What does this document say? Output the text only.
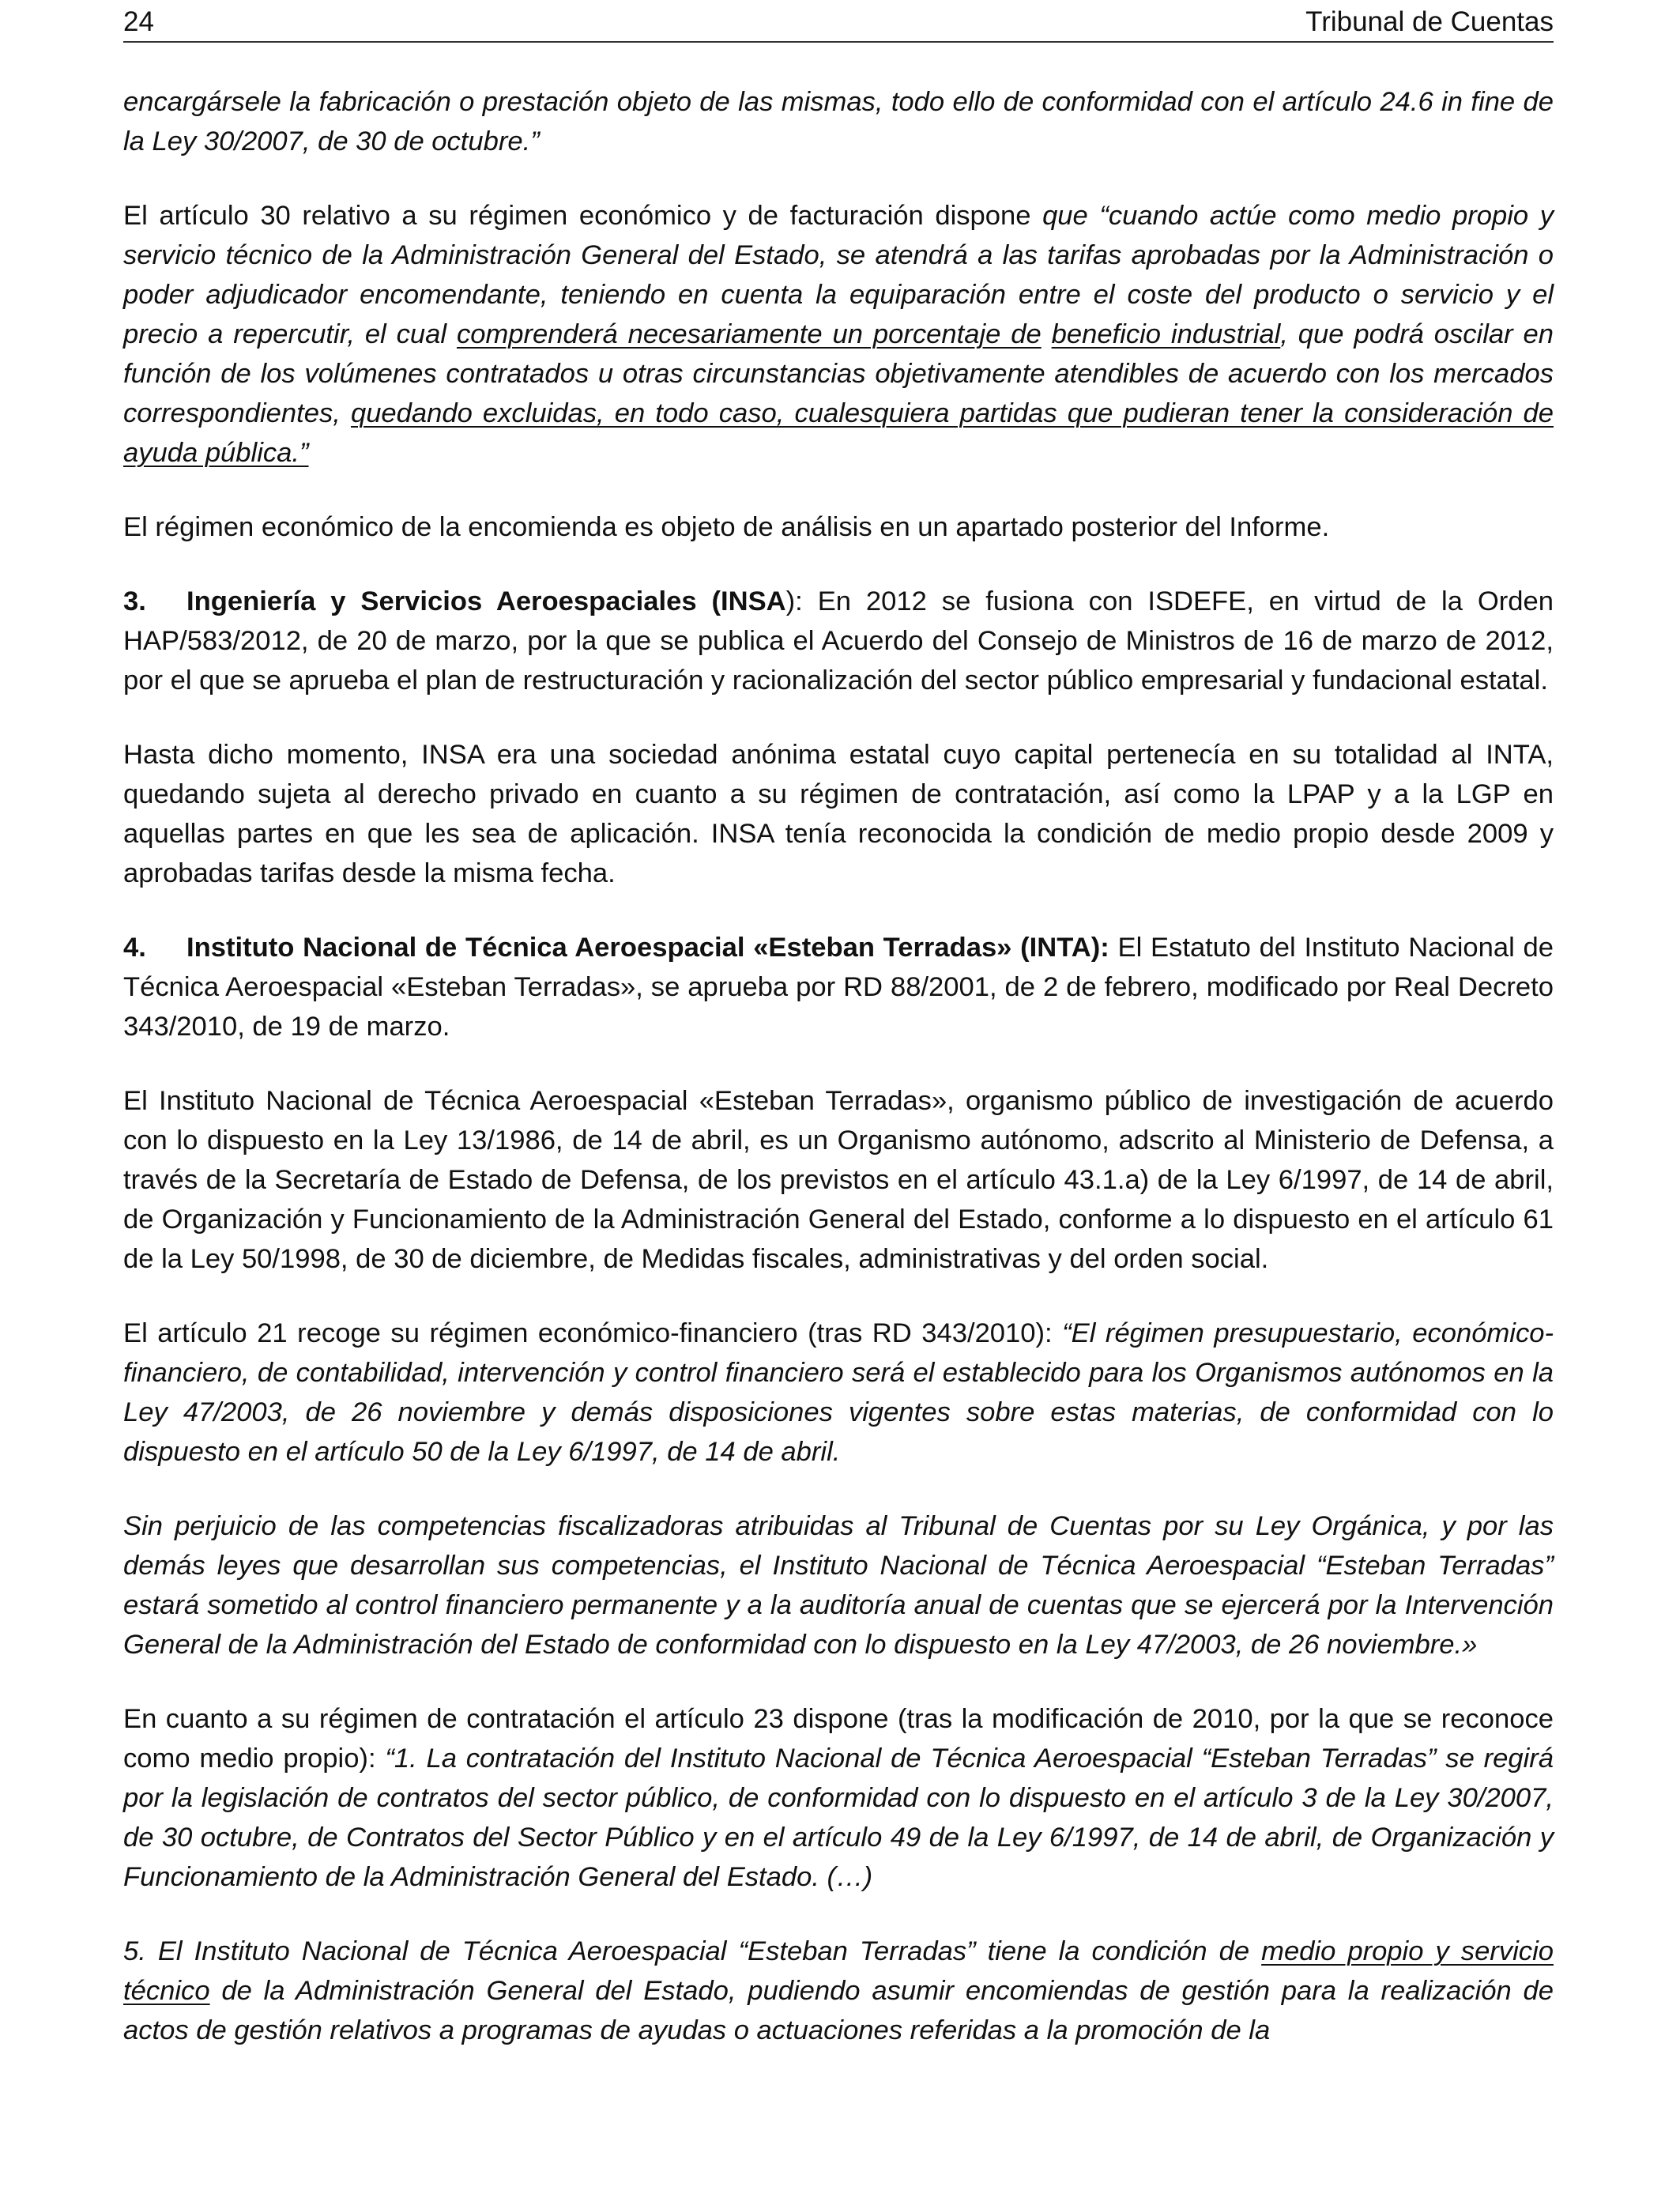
24	Tribunal de Cuentas

encargársele la fabricación o prestación objeto de las mismas, todo ello de conformidad con el artículo 24.6 in fine de la Ley 30/2007, de 30 de octubre.”

El artículo 30 relativo a su régimen económico y de facturación dispone que “cuando actúe como medio propio y servicio técnico de la Administración General del Estado, se atendrá a las tarifas aprobadas por la Administración o poder adjudicador encomendante, teniendo en cuenta la equiparación entre el coste del producto o servicio y el precio a repercutir, el cual comprenderá necesariamente un porcentaje de beneficio industrial, que podrá oscilar en función de los volúmenes contratados u otras circunstancias objetivamente atendibles de acuerdo con los mercados correspondientes, quedando excluidas, en todo caso, cualesquiera partidas que pudieran tener la consideración de ayuda pública.”

El régimen económico de la encomienda es objeto de análisis en un apartado posterior del Informe.

3. Ingeniería y Servicios Aeroespaciales (INSA): En 2012 se fusiona con ISDEFE, en virtud de la Orden HAP/583/2012, de 20 de marzo, por la que se publica el Acuerdo del Consejo de Ministros de 16 de marzo de 2012, por el que se aprueba el plan de restructuración y racionalización del sector público empresarial y fundacional estatal.

Hasta dicho momento, INSA era una sociedad anónima estatal cuyo capital pertenecía en su totalidad al INTA, quedando sujeta al derecho privado en cuanto a su régimen de contratación, así como la LPAP y a la LGP en aquellas partes en que les sea de aplicación. INSA tenía reconocida la condición de medio propio desde 2009 y aprobadas tarifas desde la misma fecha.

4. Instituto Nacional de Técnica Aeroespacial «Esteban Terradas» (INTA): El Estatuto del Instituto Nacional de Técnica Aeroespacial «Esteban Terradas», se aprueba por RD 88/2001, de 2 de febrero, modificado por Real Decreto 343/2010, de 19 de marzo.

El Instituto Nacional de Técnica Aeroespacial «Esteban Terradas», organismo público de investigación de acuerdo con lo dispuesto en la Ley 13/1986, de 14 de abril, es un Organismo autónomo, adscrito al Ministerio de Defensa, a través de la Secretaría de Estado de Defensa, de los previstos en el artículo 43.1.a) de la Ley 6/1997, de 14 de abril, de Organización y Funcionamiento de la Administración General del Estado, conforme a lo dispuesto en el artículo 61 de la Ley 50/1998, de 30 de diciembre, de Medidas fiscales, administrativas y del orden social.

El artículo 21 recoge su régimen económico-financiero (tras RD 343/2010): “El régimen presupuestario, económico-financiero, de contabilidad, intervención y control financiero será el establecido para los Organismos autónomos en la Ley 47/2003, de 26 noviembre y demás disposiciones vigentes sobre estas materias, de conformidad con lo dispuesto en el artículo 50 de la Ley 6/1997, de 14 de abril.

Sin perjuicio de las competencias fiscalizadoras atribuidas al Tribunal de Cuentas por su Ley Orgánica, y por las demás leyes que desarrollan sus competencias, el Instituto Nacional de Técnica Aeroespacial “Esteban Terradas” estará sometido al control financiero permanente y a la auditoría anual de cuentas que se ejercerá por la Intervención General de la Administración del Estado de conformidad con lo dispuesto en la Ley 47/2003, de 26 noviembre.»

En cuanto a su régimen de contratación el artículo 23 dispone (tras la modificación de 2010, por la que se reconoce como medio propio): “1. La contratación del Instituto Nacional de Técnica Aeroespacial “Esteban Terradas” se regirá por la legislación de contratos del sector público, de conformidad con lo dispuesto en el artículo 3 de la Ley 30/2007, de 30 octubre, de Contratos del Sector Público y en el artículo 49 de la Ley 6/1997, de 14 de abril, de Organización y Funcionamiento de la Administración General del Estado. (…)

5. El Instituto Nacional de Técnica Aeroespacial “Esteban Terradas” tiene la condición de medio propio y servicio técnico de la Administración General del Estado, pudiendo asumir encomiendas de gestión para la realización de actos de gestión relativos a programas de ayudas o actuaciones referidas a la promoción de la
